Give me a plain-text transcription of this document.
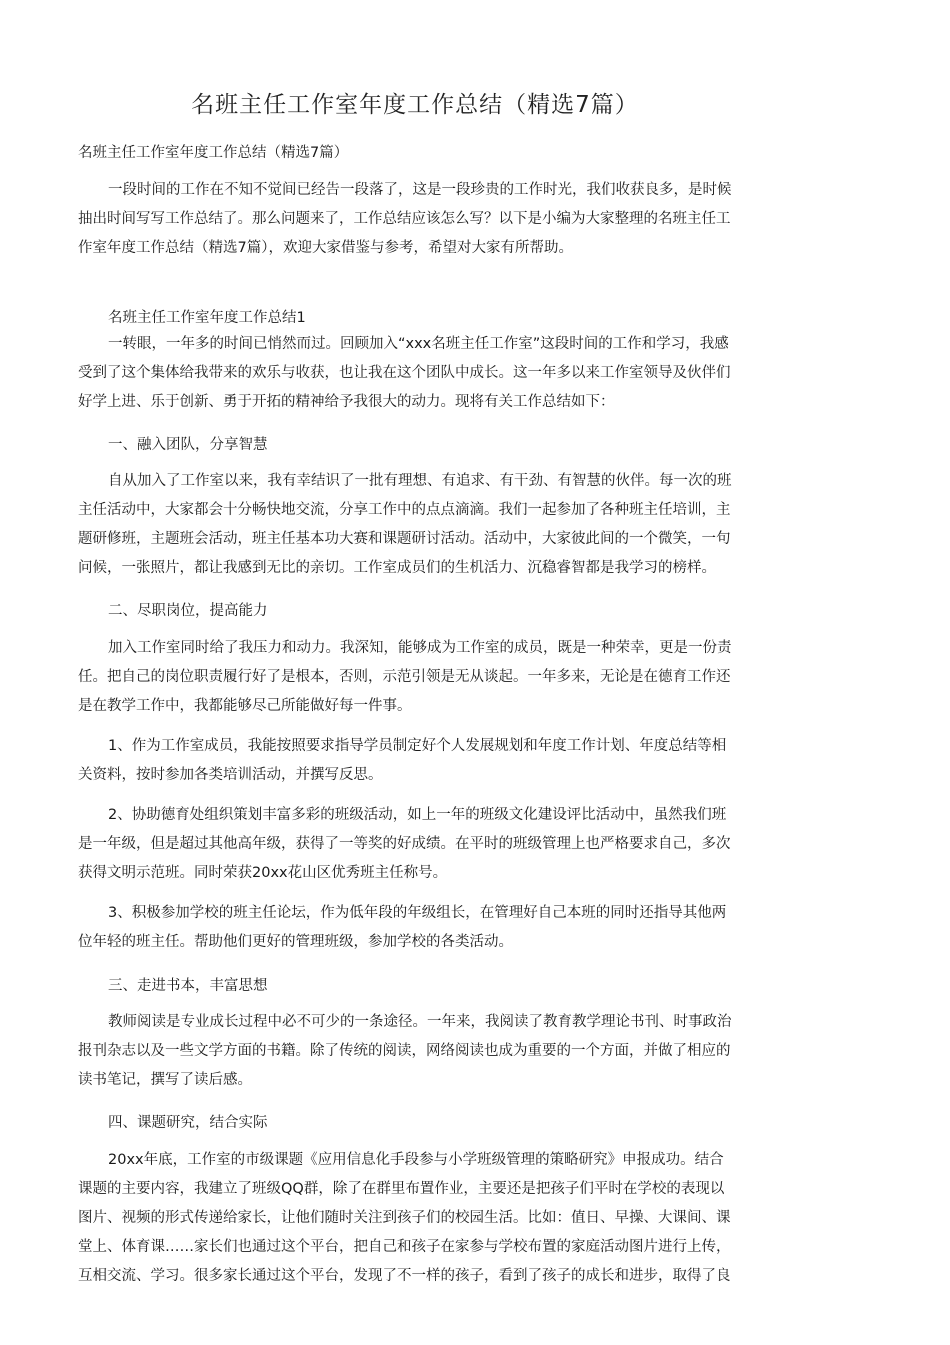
名班主任工作室年度工作总结（精选7篇）
名班主任工作室年度工作总结（精选7篇）
一段时间的工作在不知不觉间已经告一段落了，这是一段珍贵的工作时光，我们收获良多，是时候
抽出时间写写工作总结了。那么问题来了，工作总结应该怎么写？以下是小编为大家整理的名班主任工
作室年度工作总结（精选7篇），欢迎大家借鉴与参考，希望对大家有所帮助。
名班主任工作室年度工作总结1
一转眼，一年多的时间已悄然而过。回顾加入“xxx名班主任工作室”这段时间的工作和学习，我感
受到了这个集体给我带来的欢乐与收获，也让我在这个团队中成长。这一年多以来工作室领导及伙伴们
好学上进、乐于创新、勇于开拓的精神给予我很大的动力。现将有关工作总结如下：
一、融入团队，分享智慧
自从加入了工作室以来，我有幸结识了一批有理想、有追求、有干劲、有智慧的伙伴。每一次的班
主任活动中，大家都会十分畅快地交流，分享工作中的点点滴滴。我们一起参加了各种班主任培训，主
题研修班，主题班会活动，班主任基本功大赛和课题研讨活动。活动中，大家彼此间的一个微笑，一句
问候，一张照片，都让我感到无比的亲切。工作室成员们的生机活力、沉稳睿智都是我学习的榜样。
二、尽职岗位，提高能力
加入工作室同时给了我压力和动力。我深知，能够成为工作室的成员，既是一种荣幸，更是一份责
任。把自己的岗位职责履行好了是根本，否则，示范引领是无从谈起。一年多来，无论是在德育工作还
是在教学工作中，我都能够尽己所能做好每一件事。
1、作为工作室成员，我能按照要求指导学员制定好个人发展规划和年度工作计划、年度总结等相
关资料，按时参加各类培训活动，并撰写反思。
2、协助德育处组织策划丰富多彩的班级活动，如上一年的班级文化建设评比活动中，虽然我们班
是一年级，但是超过其他高年级，获得了一等奖的好成绩。在平时的班级管理上也严格要求自己，多次
获得文明示范班。同时荣获20xx花山区优秀班主任称号。
3、积极参加学校的班主任论坛，作为低年段的年级组长，在管理好自己本班的同时还指导其他两
位年轻的班主任。帮助他们更好的管理班级，参加学校的各类活动。
三、走进书本，丰富思想
教师阅读是专业成长过程中必不可少的一条途径。一年来，我阅读了教育教学理论书刊、时事政治
报刊杂志以及一些文学方面的书籍。除了传统的阅读，网络阅读也成为重要的一个方面，并做了相应的
读书笔记，撰写了读后感。
四、课题研究，结合实际
20xx年底，工作室的市级课题《应用信息化手段参与小学班级管理的策略研究》申报成功。结合
课题的主要内容，我建立了班级QQ群，除了在群里布置作业，主要还是把孩子们平时在学校的表现以
图片、视频的形式传递给家长，让他们随时关注到孩子们的校园生活。比如：值日、早操、大课间、课
堂上、体育课……家长们也通过这个平台，把自己和孩子在家参与学校布置的家庭活动图片进行上传，
互相交流、学习。很多家长通过这个平台，发现了不一样的孩子，看到了孩子的成长和进步，取得了良
